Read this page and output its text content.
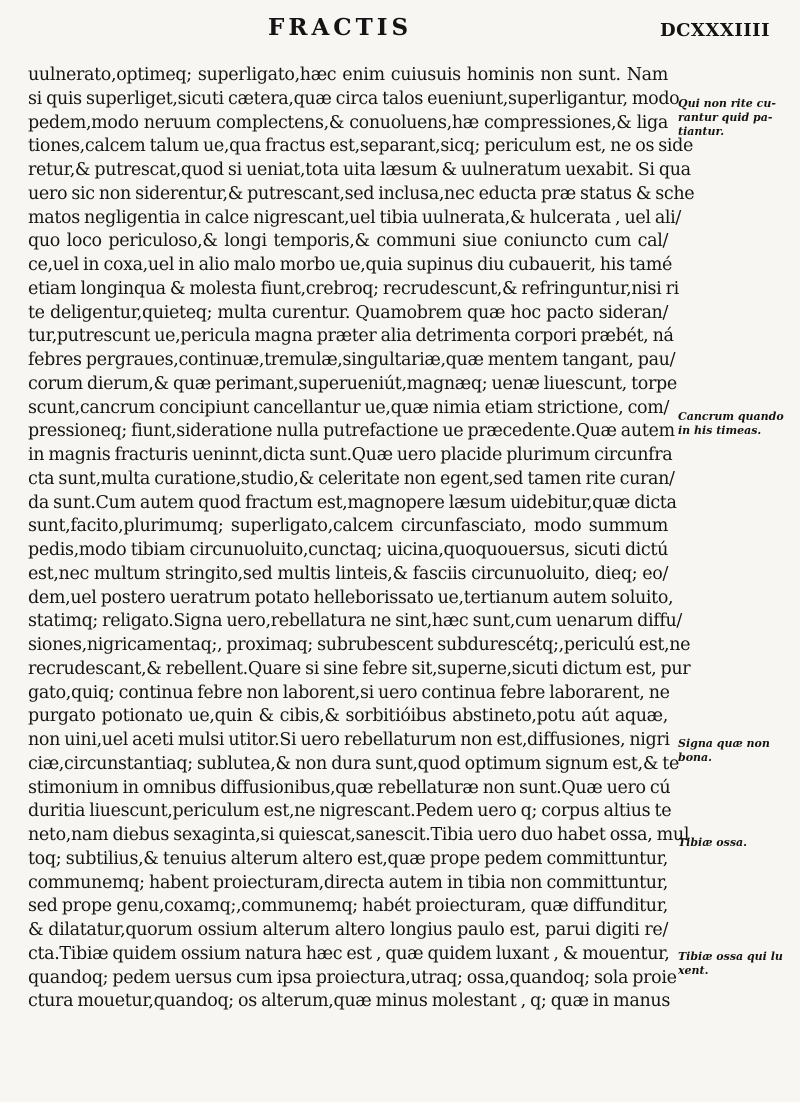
FRACTIS	DCXXXIIII
uulnerato,optimeq; superligato,hæc enim cuiusuis hominis non sunt. Nam
si quis superliget,sicuti cætera,quæ circa talos eueniunt,superligantur, modo
pedem,modo neruum complectens,& conuoluens,hæ compressiones,& liga
tiones,calcem talum ue,qua fractus est,separant,sicq; periculum est, ne os side
retur,& putrescat,quod si ueniat,tota uita læsum & uulneratum uexabit. Si qua
uero sic non siderentur,& putrescant,sed inclusa,nec educta præ status & sche
matos negligentia in calce nigrescant,uel tibia uulnerata,& hulcerata , uel ali/
quo loco periculoso,& longi temporis,& communi siue coniuncto cum cal/
ce,uel in coxa,uel in alio malo morbo ue,quia supinus diu cubauerit, his tamé
etiam longinqua & molesta fiunt,crebroq; recrudescunt,& refringuntur,nisi ri
te deligentur,quieteq; multa curentur. Quamobrem quæ hoc pacto sideran/
tur,putrescunt ue,pericula magna præter alia detrimenta corpori præbét, ná
febres pergraues,continuæ,tremulæ,singultariæ,quæ mentem tangant, pau/
corum dierum,& quæ perimant,superueniút,magnæq; uenæ liuescunt, torpe
scunt,cancrum concipiunt cancellantur ue,quæ nimia etiam strictione, com/
pressioneq; fiunt,sideratione nulla putrefactione ue præcedente.Quæ autem
in magnis fracturis ueninnt,dicta sunt.Quæ uero placide plurimum circunfra
cta sunt,multa curatione,studio,& celeritate non egent,sed tamen rite curan/
da sunt.Cum autem quod fractum est,magnopere læsum uidebitur,quæ dicta
sunt,facito,plurimumq; superligato,calcem circunfasciato, modo summum
pedis,modo tibiam circunuoluito,cunctaq; uicina,quoquouersus, sicuti dictú
est,nec multum stringito,sed multis linteis,& fasciis circunuoluito, dieq; eo/
dem,uel postero ueratrum potato helleborissato ue,tertianum autem soluito,
statimq; religato.Signa uero,rebellatura ne sint,hæc sunt,cum uenarum diffu/
siones,nigricamentaq;, proximaq; subrubescent subdurescétq;,periculú est,ne
recrudescant,& rebellent.Quare si sine febre sit,superne,sicuti dictum est, pur
gato,quiq; continua febre non laborent,si uero continua febre laborarent, ne
purgato potionato ue,quin & cibis,& sorbitióibus abstineto,potu aút aquæ,
non uini,uel aceti mulsi utitor.Si uero rebellaturum non est,diffusiones, nigri
ciæ,circunstantiaq; sublutea,& non dura sunt,quod optimum signum est,& te
stimonium in omnibus diffusionibus,quæ rebellaturæ non sunt.Quæ uero cú
duritia liuescunt,periculum est,ne nigrescant.Pedem uero q; corpus altius te
neto,nam diebus sexaginta,si quiescat,sanescit.Tibia uero duo habet ossa, mul
toq; subtilius,& tenuius alterum altero est,quæ prope pedem committuntur,
communemq; habent proiecturam,directa autem in tibia non committuntur,
sed prope genu,coxamq;,communemq; habét proiecturam, quæ diffunditur,
& dilatatur,quorum ossium alterum altero longius paulo est, parui digiti re/
cta.Tibiæ quidem ossium natura hæc est , quæ quidem luxant , & mouentur,
quandoq; pedem uersus cum ipsa proiectura,utraq; ossa,quandoq; sola proie
ctura mouetur,quandoq; os alterum,quæ minus molestant , q; quæ in manus
Qui non rite cu-
rantur quid pa-
tiantur.
Cancrum quando
in his timeas.
Signa quæ non
bona.
Tibiæ ossa.
Tibiæ ossa qui lu
xent.
